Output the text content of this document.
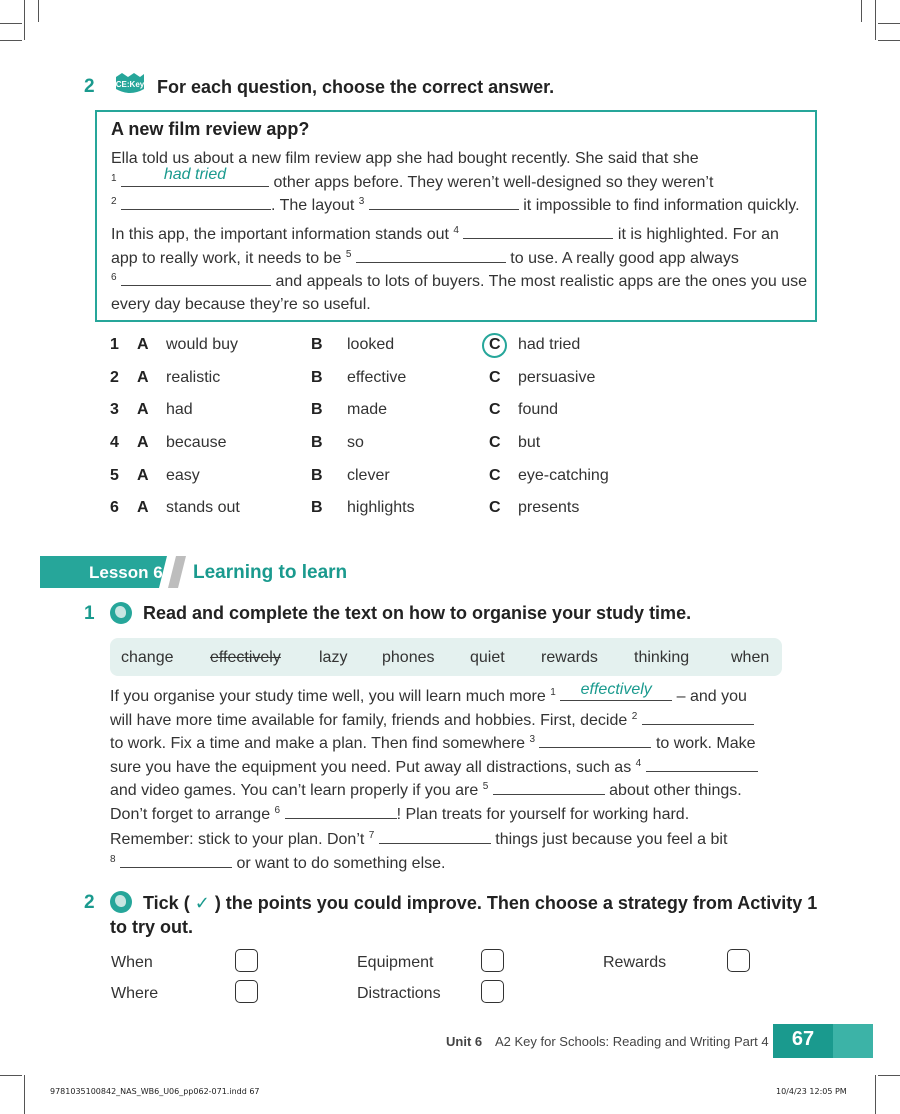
2	CE:Key For each question, choose the correct answer.
A new film review app?
Ella told us about a new film review app she had bought recently. She said that she
$^1$	had tried	other apps before. They weren’t well-designed so they weren’t
$^2$	. The layout $^3$	it impossible to find information quickly.
In this app, the important information stands out $^4$	it is highlighted. For an
app to really work, it needs to be $^5$	to use. A really good app always
$^6$	and appeals to lots of buyers. The most realistic apps are the ones you use
every day because they’re so useful.
1 A would buy	B looked	C had tried
2 A realistic	B effective	C persuasive
3 A had	B made	C found
4 A because	B so	C but
5 A easy	B clever	C eye-catching
6 A stands out	B highlights	C presents
Lesson 6 Learning to learn
1	Read and complete the text on how to organise your study time.
change effectively lazy phones quiet rewards thinking	when
If you organise your study time well, you will learn much more $^1$	effectively	– and you
will have more time available for family, friends and hobbies. First, decide $^2$
to work. Fix a time and make a plan. Then find somewhere $^3$	to work. Make
sure you have the equipment you need. Put away all distractions, such as $^4$
and video games. You can’t learn properly if you are $^5$	about other things.
Don’t forget to arrange $^6$	! Plan treats for yourself for working hard.
Remember: stick to your plan. Don’t $^7$	things just because you feel a bit
$^8$	or want to do something else.
2	Tick ( ✓ ) the points you could improve. Then choose a strategy from Activity 1
to try out.
When	Equipment	Rewards
Where	Distractions
Unit 6 A2 Key for Schools: Reading and Writing Part 4	67
9781035100842_NAS_WB6_U06_pp062-071.indd 67	10/4/23 12:05 PM
